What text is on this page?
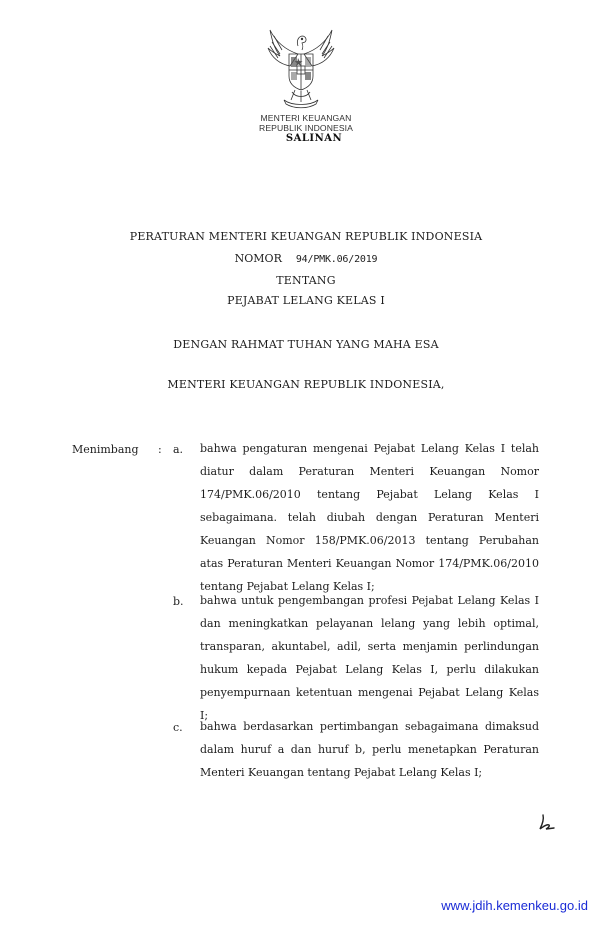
MENTERI KEUANGAN
REPUBLIK INDONESIA
SALINAN
PERATURAN MENTERI KEUANGAN REPUBLIK INDONESIA
NOMOR 94/PMK.06/2019
TENTANG
PEJABAT LELANG KELAS I
DENGAN RAHMAT TUHAN YANG MAHA ESA
MENTERI KEUANGAN REPUBLIK INDONESIA,
Menimbang : a. bahwa pengaturan mengenai Pejabat Lelang Kelas I telah diatur dalam Peraturan Menteri Keuangan Nomor 174/PMK.06/2010 tentang Pejabat Lelang Kelas I sebagaimana. telah diubah dengan Peraturan Menteri Keuangan Nomor 158/PMK.06/2013 tentang Perubahan atas Peraturan Menteri Keuangan Nomor 174/PMK.06/2010 tentang Pejabat Lelang Kelas I;
b. bahwa untuk pengembangan profesi Pejabat Lelang Kelas I dan meningkatkan pelayanan lelang yang lebih optimal, transparan, akuntabel, adil, serta menjamin perlindungan hukum kepada Pejabat Lelang Kelas I, perlu dilakukan penyempurnaan ketentuan mengenai Pejabat Lelang Kelas I;
c. bahwa berdasarkan pertimbangan sebagaimana dimaksud dalam huruf a dan huruf b, perlu menetapkan Peraturan Menteri Keuangan tentang Pejabat Lelang Kelas I;
www.jdih.kemenkeu.go.id
